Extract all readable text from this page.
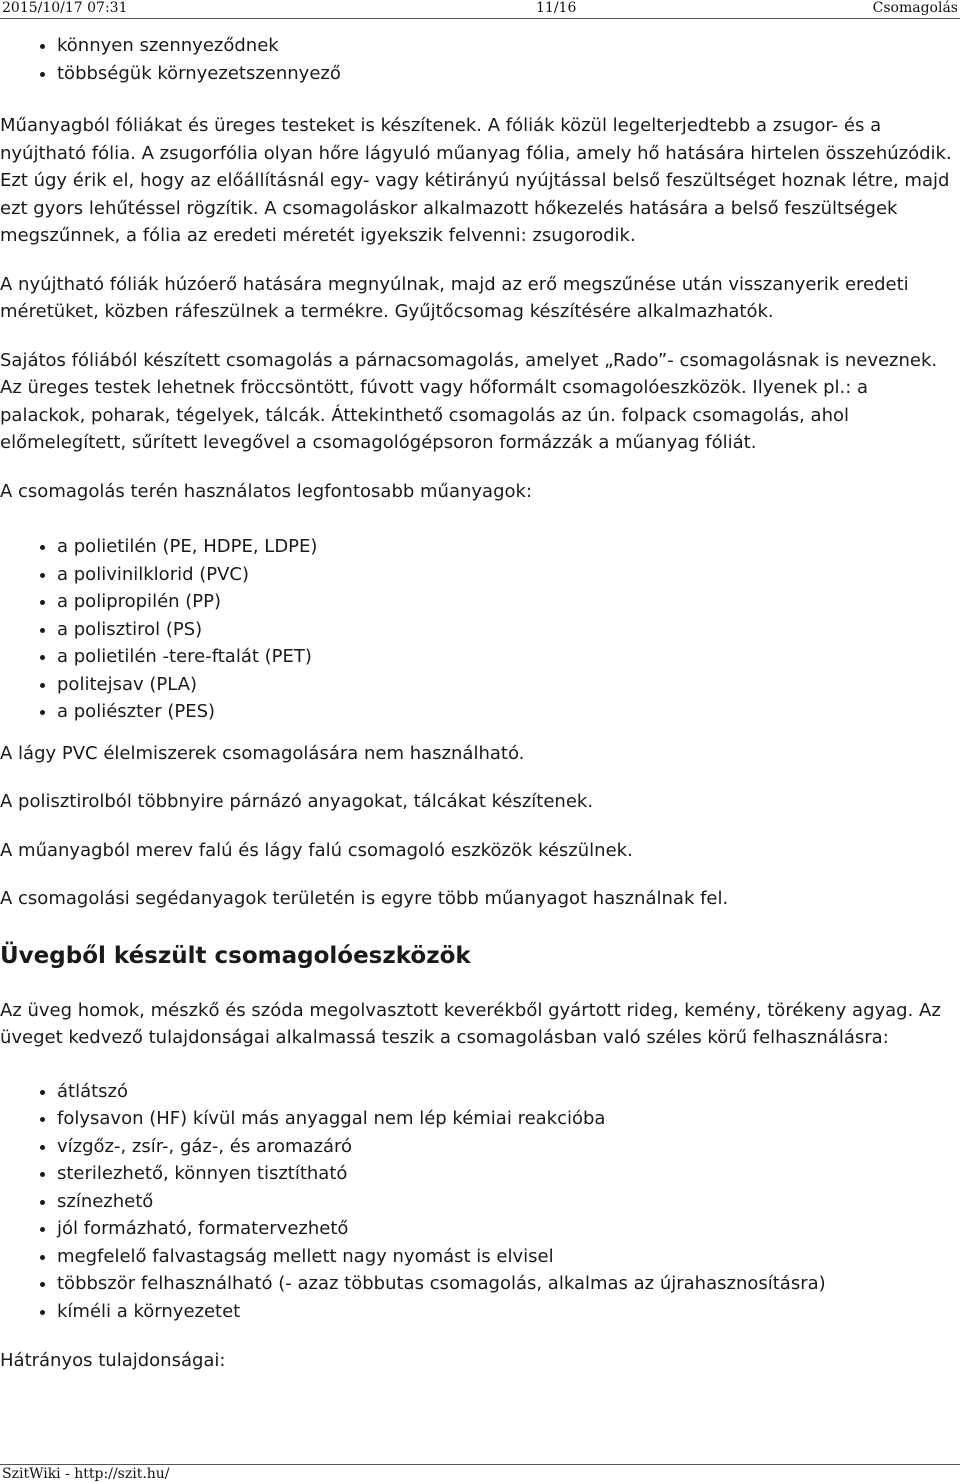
2015/10/17 07:31	11/16	Csomagolás
• könnyen szennyeződnek
• többségük környezetszennyező

Műanyagból fóliákat és üreges testeket is készítenek. A fóliák közül legelterjedtebb a zsugor- és a nyújtható fólia. A zsugorfólia olyan hőre lágyuló műanyag fólia, amely hő hatására hirtelen összehúzódik. Ezt úgy érik el, hogy az előállításnál egy- vagy kétirányú nyújtással belső feszültséget hoznak létre, majd ezt gyors lehűtéssel rögzítik. A csomagoláskor alkalmazott hőkezelés hatására a belső feszültségek megszűnnek, a fólia az eredeti méretét igyekszik felvenni: zsugorodik.

A nyújtható fóliák húzóerő hatására megnyúlnak, majd az erő megszűnése után visszanyerik eredeti méretüket, közben ráfeszülnek a termékre. Gyűjtőcsomag készítésére alkalmazhatók.

Sajátos fóliából készített csomagolás a párnacsomagolás, amelyet „Rado”- csomagolásnak is neveznek. Az üreges testek lehetnek fröccsöntött, fúvott vagy hőformált csomagolóeszközök. Ilyenek pl.: a palackok, poharak, tégelyek, tálcák. Áttekinthető csomagolás az ún. folpack csomagolás, ahol előmelegített, sűrített levegővel a csomagológépsoron formázzák a műanyag fóliát.

A csomagolás terén használatos legfontosabb műanyagok:

• a polietilén (PE, HDPE, LDPE)
• a polivinilklorid (PVC)
• a polipropilén (PP)
• a polisztirol (PS)
• a polietilén -tere-ftalát (PET)
• politejsav (PLA)
• a poliészter (PES)

A lágy PVC élelmiszerek csomagolására nem használható.

A polisztirolból többnyire párnázó anyagokat, tálcákat készítenek.

A műanyagból merev falú és lágy falú csomagoló eszközök készülnek.

A csomagolási segédanyagok területén is egyre több műanyagot használnak fel.

Üvegből készült csomagolóeszközök

Az üveg homok, mészkő és szóda megolvasztott keverékből gyártott rideg, kemény, törékeny agyag. Az üveget kedvező tulajdonságai alkalmassá teszik a csomagolásban való széles körű felhasználásra:

• átlátszó
• folysavon (HF) kívül más anyaggal nem lép kémiai reakcióba
• vízgőz-, zsír-, gáz-, és aromazáró
• sterilezhető, könnyen tisztítható
• színezhető
• jól formázható, formatervezhető
• megfelelő falvastagság mellett nagy nyomást is elvisel
• többször felhasználható (- azaz többutas csomagolás, alkalmas az újrahasznosításra)
• kíméli a környezetet

Hátrányos tulajdonságai:

SzitWiki - http://szit.hu/
